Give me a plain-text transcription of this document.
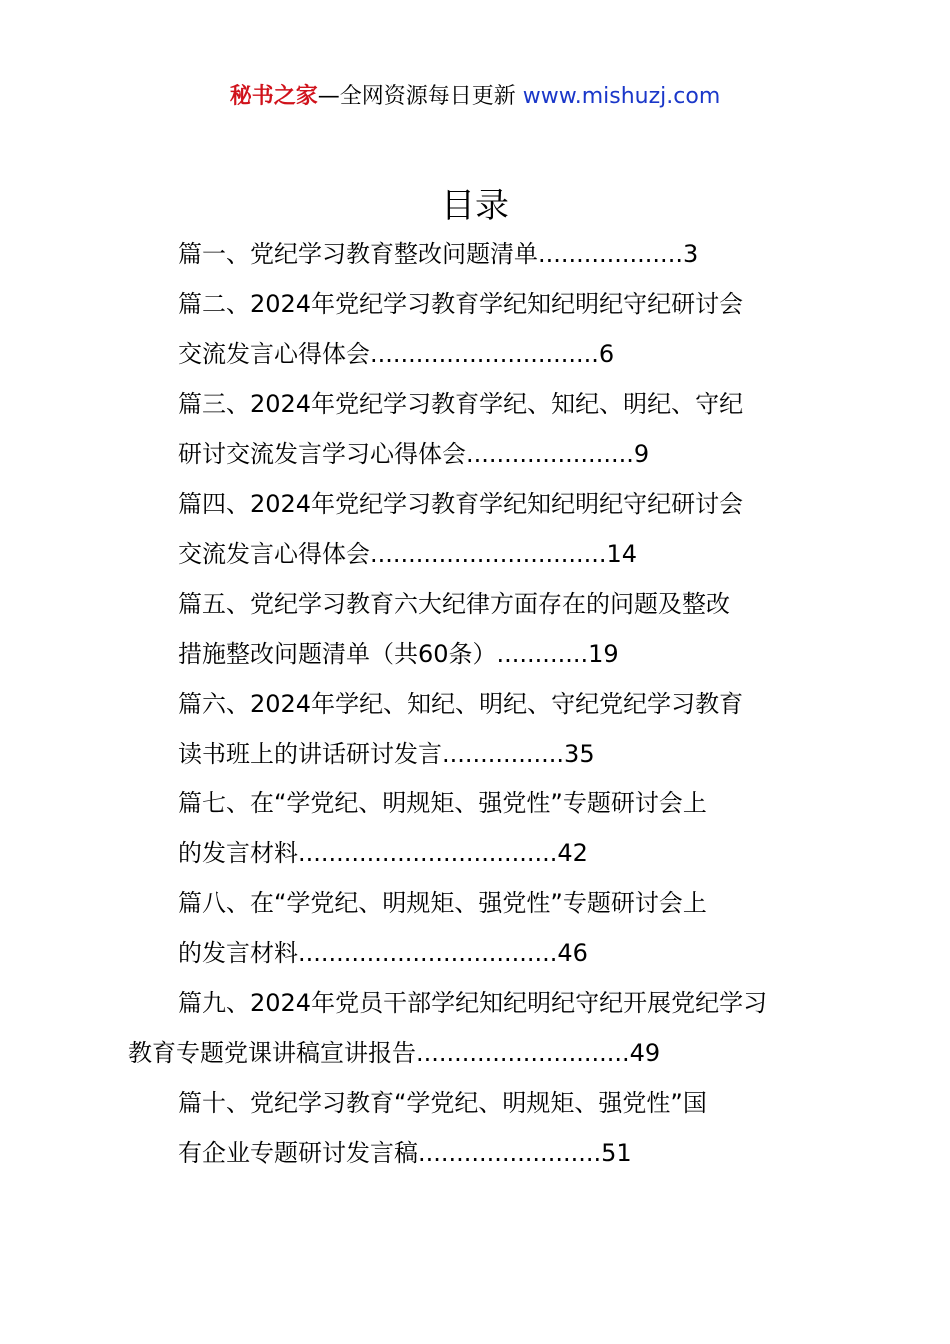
秘书之家—全网资源每日更新 www.mishuzj.com
目录
篇一、党纪学习教育整改问题清单...................3
篇二、2024年党纪学习教育学纪知纪明纪守纪研讨会
交流发言心得体会..............................6
篇三、2024年党纪学习教育学纪、知纪、明纪、守纪
研讨交流发言学习心得体会......................9
篇四、2024年党纪学习教育学纪知纪明纪守纪研讨会
交流发言心得体会...............................14
篇五、党纪学习教育六大纪律方面存在的问题及整改
措施整改问题清单（共60条）............19
篇六、2024年学纪、知纪、明纪、守纪党纪学习教育
读书班上的讲话研讨发言................35
篇七、在“学党纪、明规矩、强党性”专题研讨会上
的发言材料..................................42
篇八、在“学党纪、明规矩、强党性”专题研讨会上
的发言材料..................................46
篇九、2024年党员干部学纪知纪明纪守纪开展党纪学习
教育专题党课讲稿宣讲报告............................49
篇十、党纪学习教育“学党纪、明规矩、强党性”国
有企业专题研讨发言稿........................51
